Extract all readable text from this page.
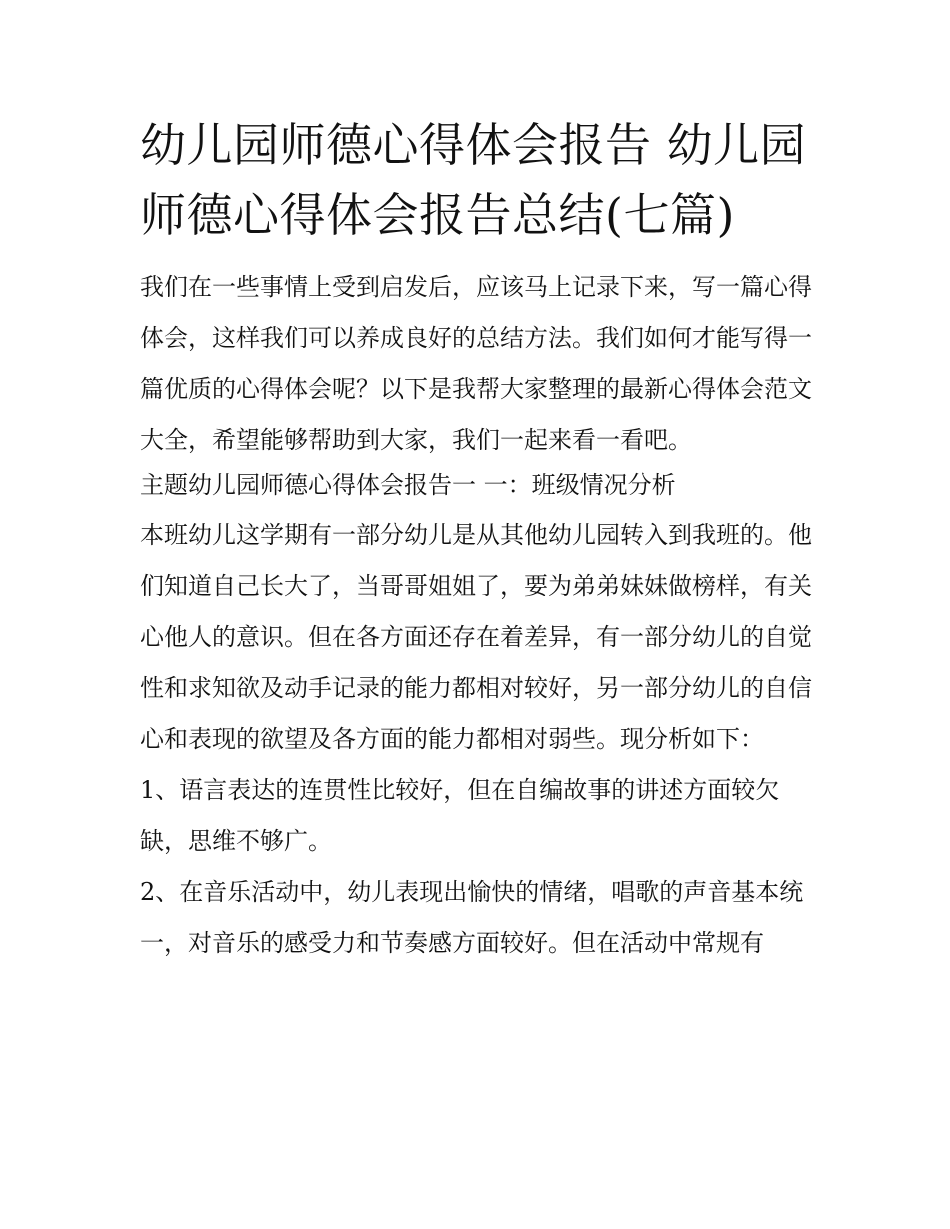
幼儿园师德心得体会报告 幼儿园师德心得体会报告总结(七篇)

我们在一些事情上受到启发后，应该马上记录下来，写一篇心得体会，这样我们可以养成良好的总结方法。我们如何才能写得一篇优质的心得体会呢？以下是我帮大家整理的最新心得体会范文大全，希望能够帮助到大家，我们一起来看一看吧。

主题幼儿园师德心得体会报告一 一：班级情况分析

本班幼儿这学期有一部分幼儿是从其他幼儿园转入到我班的。他们知道自己长大了，当哥哥姐姐了，要为弟弟妹妹做榜样，有关心他人的意识。但在各方面还存在着差异，有一部分幼儿的自觉性和求知欲及动手记录的能力都相对较好，另一部分幼儿的自信心和表现的欲望及各方面的能力都相对弱些。现分析如下：

1、语言表达的连贯性比较好，但在自编故事的讲述方面较欠缺，思维不够广。

2、在音乐活动中，幼儿表现出愉快的情绪，唱歌的声音基本统一，对音乐的感受力和节奏感方面较好。但在活动中常规有
